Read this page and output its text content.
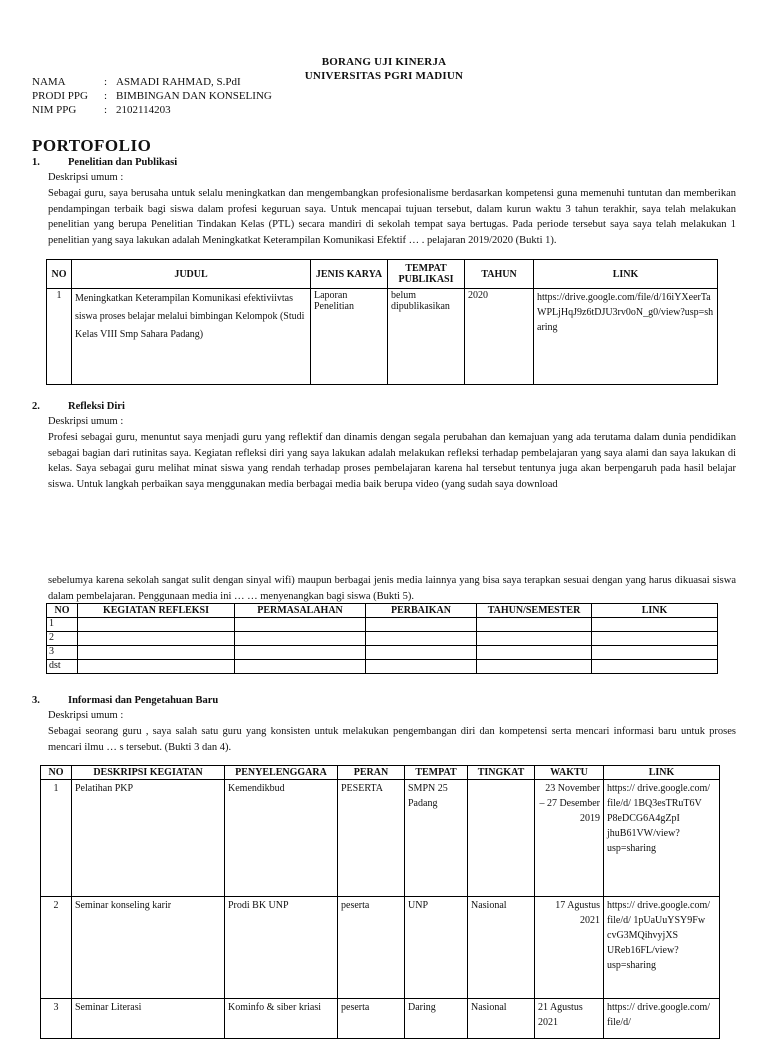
BORANG UJI KINERJA
UNIVERSITAS PGRI MADIUN
NAMA	: ASMADI RAHMAD, S.PdI
PRODI PPG : BIMBINGAN DAN KONSELING
NIM PPG	: 2102114203
PORTOFOLIO
1.	Penelitian dan Publikasi
Deskripsi umum :
Sebagai guru, saya berusaha untuk selalu meningkatkan dan mengembangkan profesionalisme berdasarkan kompetensi guna memenuhi tuntutan dan memberikan pendampingan terbaik bagi siswa dalam profesi keguruan saya. Untuk mencapai tujuan tersebut, dalam kurun waktu 3 tahun terakhir, saya telah melakukan penelitian yang berupa Penelitian Tindakan Kelas (PTL) secara mandiri di sekolah tempat saya bertugas. Pada periode tersebut saya saya telah melakukan 1 penelitian yang saya lakukan adalah Meningkatkat Keterampilan Komunikasi Efektif … . pelajaran 2019/2020 (Bukti 1).
NO	JUDUL	JENIS KARYA	TEMPAT PUBLIKASI	TAHUN	LINK
1	Meningkatkan Keterampilan Komunikasi efektiviivtas siswa proses belajar melalui bimbingan Kelompok (Studi Kelas VIII Smp Sahara Padang)	Laporan Penelitian	belum dipublikasikan	2020	https://drive.google.com/file/d/16iYXeerTaWPLjHqJ9z6tDJU3rv0oN_g0/view?usp=sharing
2.	Refleksi Diri
Deskripsi umum :
Profesi sebagai guru, menuntut saya menjadi guru yang reflektif dan dinamis dengan segala perubahan dan kemajuan yang ada terutama dalam dunia pendidikan sebagai bagian dari rutinitas saya. Kegiatan refleksi diri yang saya lakukan adalah melakukan refleksi terhadap pembelajaran yang saya alami dan saya lakukan di kelas. Saya sebagai guru melihat minat siswa yang rendah terhadap proses pembelajaran karena hal tersebut tentunya juga akan berpengaruh pada hasil belajar siswa. Untuk langkah perbaikan saya menggunakan media berbagai media baik berupa video (yang sudah saya download
sebelumya karena sekolah sangat sulit dengan sinyal wifi) maupun berbagai jenis media lainnya yang bisa saya terapkan sesuai dengan yang harus dikuasai siswa dalam pembelajaran. Penggunaan media ini … … menyenangkan bagi siswa (Bukti 5).
NO	KEGIATAN REFLEKSI	PERMASALAHAN	PERBAIKAN	TAHUN/SEMESTER	LINK
1					
2					
3					
dst					
3.	Informasi dan Pengetahuan Baru
Deskripsi umum :
Sebagai seorang guru , saya salah satu guru yang konsisten untuk melakukan pengembangan diri dan kompetensi serta mencari informasi baru untuk proses mencari ilmu … s tersebut. (Bukti 3 dan 4).
NO	DESKRIPSI KEGIATAN	PENYELENGGARA	PERAN	TEMPAT	TINGKAT	WAKTU	LINK
1	Pelatihan PKP	Kemendikbud	PESERTA	SMPN 25 Padang		23 November – 27 Desember 2019	https:// drive.google.com/ file/d/ 1BQ3esTRuT6V P8eDCG6A4gZpI jhuB61VW/view? usp=sharing
2	Seminar konseling karir	Prodi BK UNP	peserta	UNP	Nasional	17 Agustus 2021	https:// drive.google.com/ file/d/ 1pUaUuYSY9Fw cvG3MQihvyjXS UReb16FL/view? usp=sharing
3	Seminar Literasi	Kominfo & siber kriasi	peserta	Daring	Nasional	21 Agustus 2021	https:// drive.google.com/ file/d/
